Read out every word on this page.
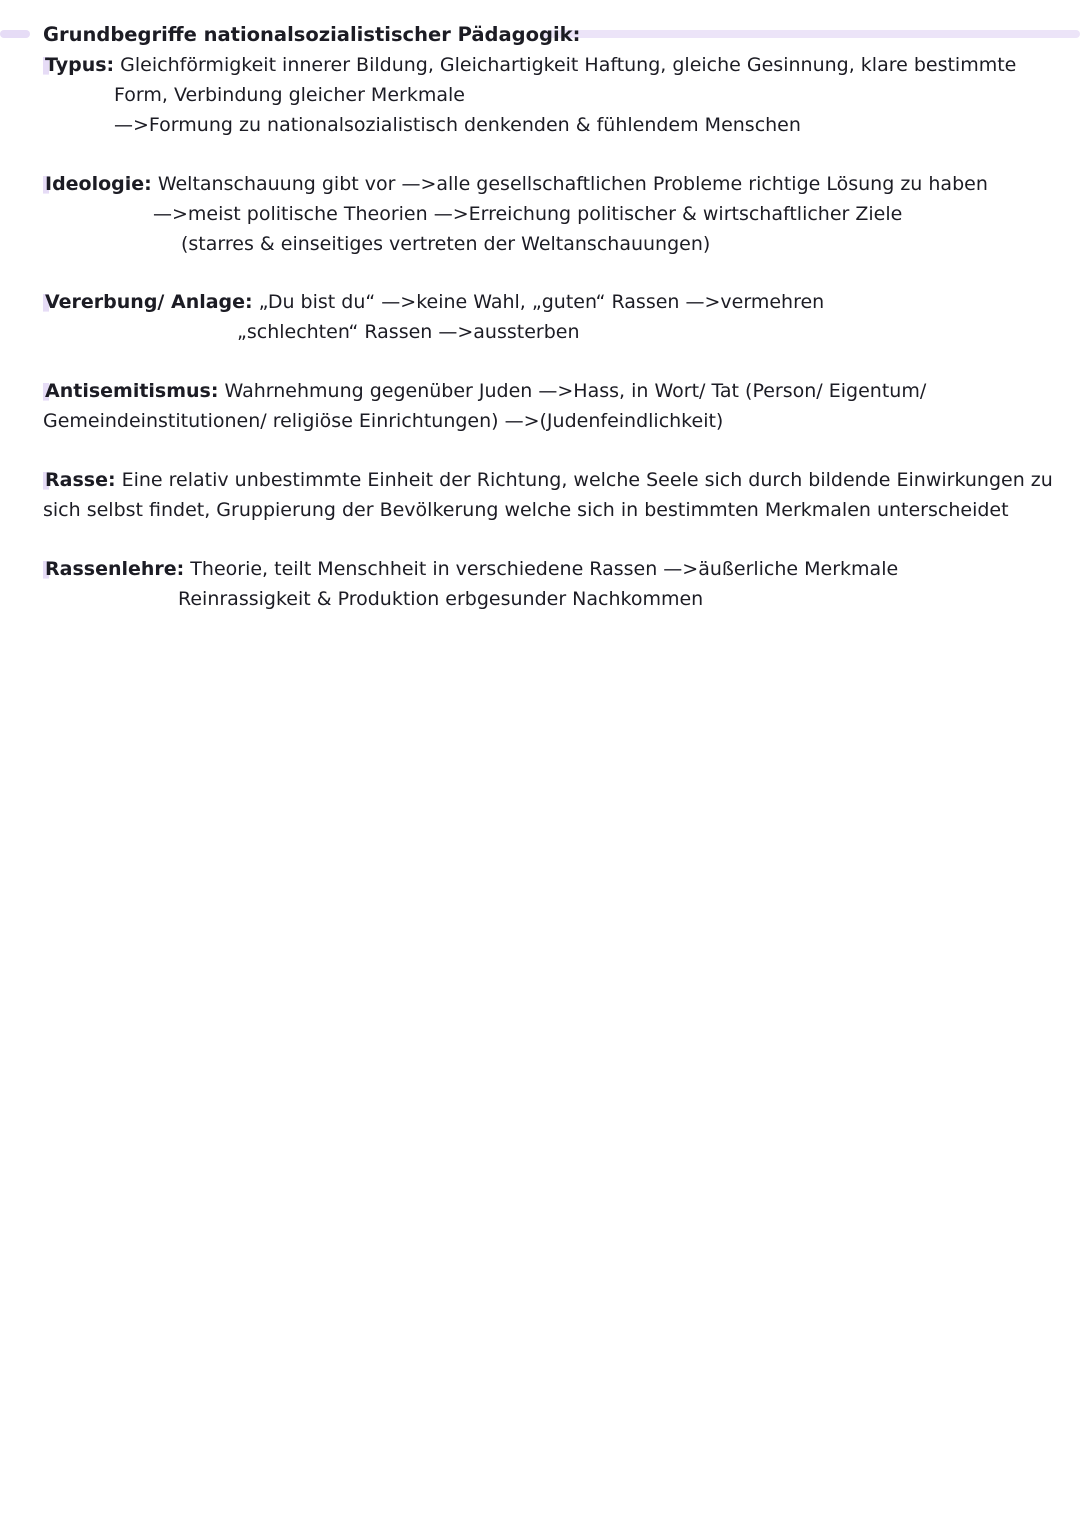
Grundbegriffe nationalsozialistischer Pädagogik:
Typus: Gleichförmigkeit innerer Bildung, Gleichartigkeit Haftung, gleiche Gesinnung, klare bestimmte
Form, Verbindung gleicher Merkmale
—>Formung zu nationalsozialistisch denkenden & fühlendem Menschen
Ideologie: Weltanschauung gibt vor —>alle gesellschaftlichen Probleme richtige Lösung zu haben
—>meist politische Theorien —>Erreichung politischer & wirtschaftlicher Ziele
(starres & einseitiges vertreten der Weltanschauungen)
Vererbung/ Anlage: „Du bist du“ —>keine Wahl, „guten“ Rassen —>vermehren
„schlechten“ Rassen —>aussterben
Antisemitismus: Wahrnehmung gegenüber Juden —>Hass, in Wort/ Tat (Person/ Eigentum/
Gemeindeinstitutionen/ religiöse Einrichtungen) —>(Judenfeindlichkeit)
Rasse: Eine relativ unbestimmte Einheit der Richtung, welche Seele sich durch bildende Einwirkungen zu
sich selbst findet, Gruppierung der Bevölkerung welche sich in bestimmten Merkmalen unterscheidet
Rassenlehre: Theorie, teilt Menschheit in verschiedene Rassen —>äußerliche Merkmale
Reinrassigkeit & Produktion erbgesunder Nachkommen
